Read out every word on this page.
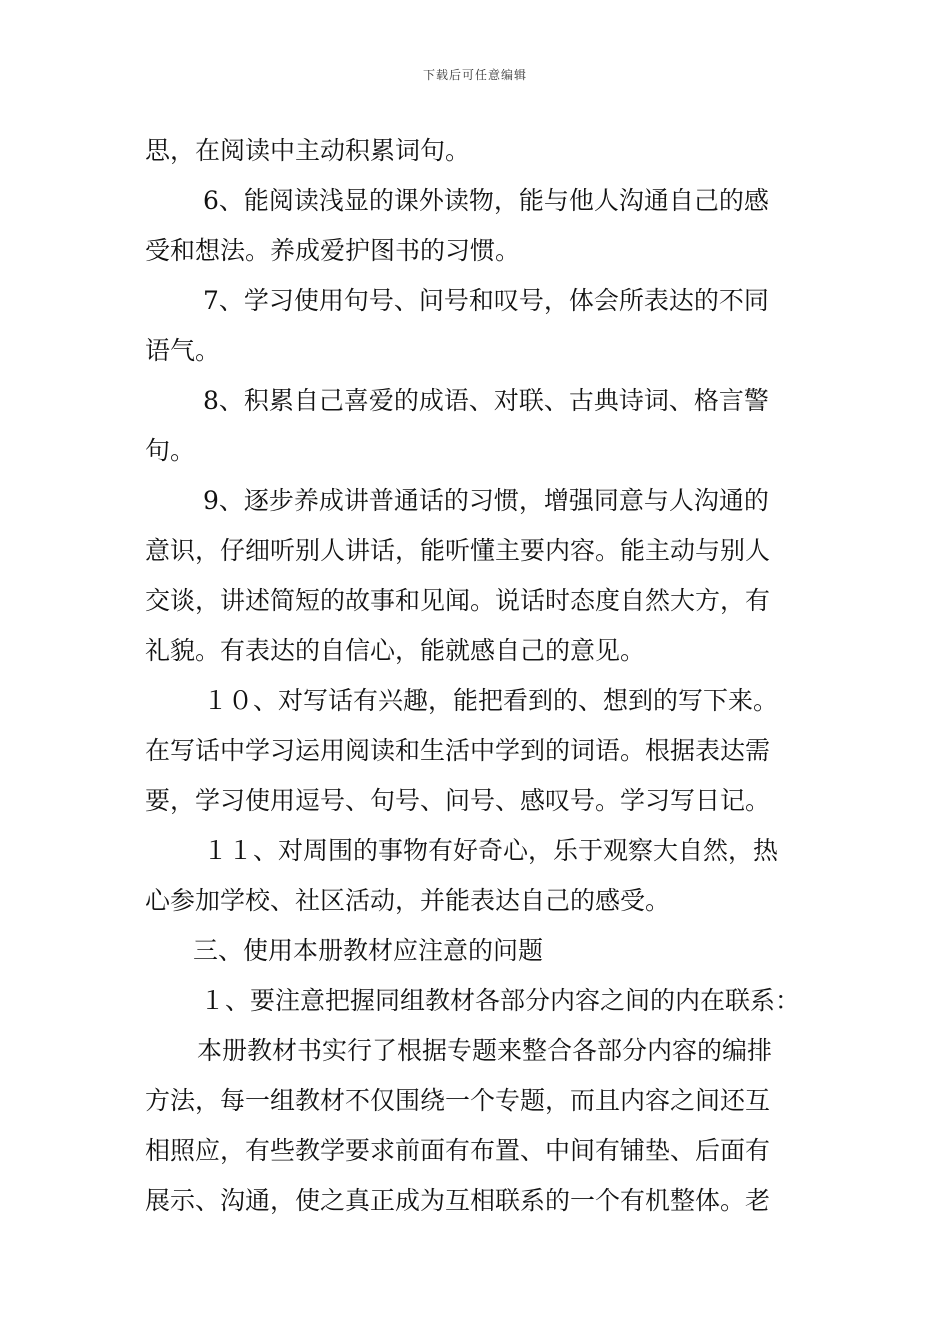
下载后可任意编辑
思，在阅读中主动积累词句。
6、能阅读浅显的课外读物，能与他人沟通自己的感
受和想法。养成爱护图书的习惯。
7、学习使用句号、问号和叹号，体会所表达的不同
语气。
8、积累自己喜爱的成语、对联、古典诗词、格言警
句。
9、逐步养成讲普通话的习惯，增强同意与人沟通的
意识，仔细听别人讲话，能听懂主要内容。能主动与别人
交谈，讲述简短的故事和见闻。说话时态度自然大方，有
礼貌。有表达的自信心，能就感自己的意见。
１０、对写话有兴趣，能把看到的、想到的写下来。
在写话中学习运用阅读和生活中学到的词语。根据表达需
要，学习使用逗号、句号、问号、感叹号。学习写日记。
１１、对周围的事物有好奇心，乐于观察大自然，热
心参加学校、社区活动，并能表达自己的感受。
三、使用本册教材应注意的问题
１、要注意把握同组教材各部分内容之间的内在联系：
本册教材书实行了根据专题来整合各部分内容的编排
方法，每一组教材不仅围绕一个专题，而且内容之间还互
相照应，有些教学要求前面有布置、中间有铺垫、后面有
展示、沟通，使之真正成为互相联系的一个有机整体。老
